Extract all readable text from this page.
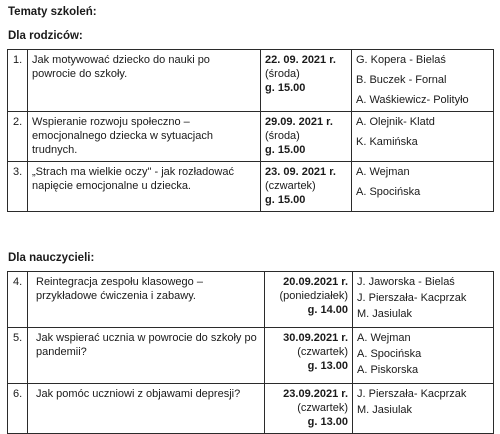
Tematy szkoleń:
Dla rodziców:
1.	Jak motywować dziecko do nauki po powrocie do szkoły.	22. 09. 2021 r.
(środa)
g. 15.00	G. Kopera - Bielaś
B. Buczek - Fornal
A. Waśkiewicz- Polityło

2.	Wspieranie rozwoju społeczno – emocjonalnego dziecka w sytuacjach trudnych.	29.09. 2021 r.
(środa)
g. 15.00	A. Olejnik- Klatd
K. Kamińska

3.	„Strach ma wielkie oczy" - jak rozładować napięcie emocjonalne u dziecka.	23. 09. 2021 r.
(czwartek)
g. 15.00	A. Wejman
A. Spocińska
Dla nauczycieli:
4.	Reintegracja zespołu klasowego – przykładowe ćwiczenia i zabawy.	20.09.2021 r.
(poniedziałek)
g. 14.00	J. Jaworska - Bielaś
J. Pierszała- Kacprzak
M. Jasiulak

5.	Jak wspierać ucznia w powrocie do szkoły po pandemii?	30.09.2021 r.
(czwartek)
g. 13.00	A. Wejman
A. Spocińska
A. Piskorska

6.	Jak pomóc uczniowi z objawami depresji?	23.09.2021 r.
(czwartek)
g. 13.00	J. Pierszała- Kacprzak
M. Jasiulak
